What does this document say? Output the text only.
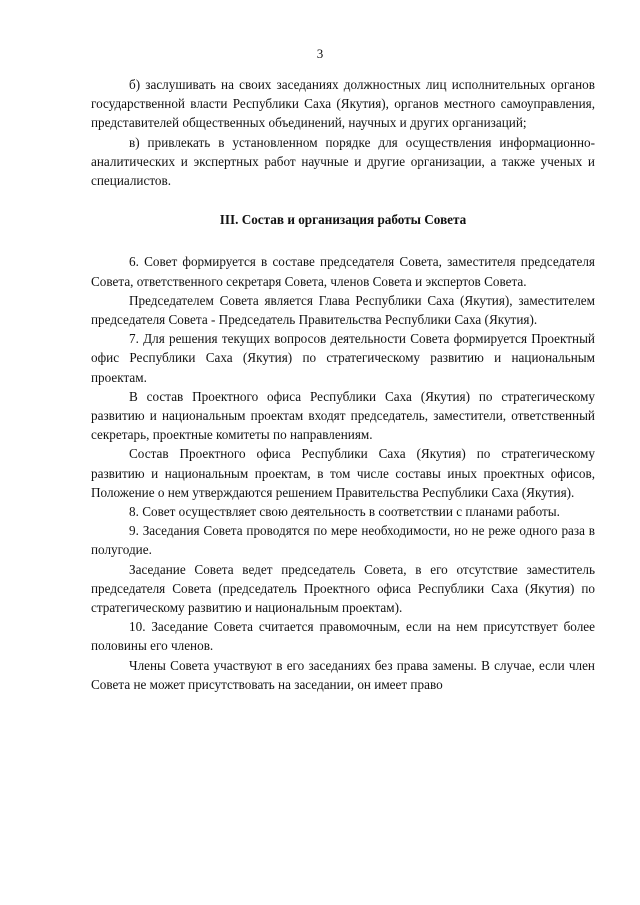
3

б) заслушивать на своих заседаниях должностных лиц исполнительных органов государственной власти Республики Саха (Якутия), органов местного самоуправления, представителей общественных объединений, научных и других организаций;

в) привлекать в установленном порядке для осуществления информационно-аналитических и экспертных работ научные и другие организации, а также ученых и специалистов.

III. Состав и организация работы Совета

6. Совет формируется в составе председателя Совета, заместителя председателя Совета, ответственного секретаря Совета, членов Совета и экспертов Совета.

Председателем Совета является Глава Республики Саха (Якутия), заместителем председателя Совета - Председатель Правительства Республики Саха (Якутия).

7. Для решения текущих вопросов деятельности Совета формируется Проектный офис Республики Саха (Якутия) по стратегическому развитию и национальным проектам.

В состав Проектного офиса Республики Саха (Якутия) по стратегическому развитию и национальным проектам входят председатель, заместители, ответственный секретарь, проектные комитеты по направлениям.

Состав Проектного офиса Республики Саха (Якутия) по стратегическому развитию и национальным проектам, в том числе составы иных проектных офисов, Положение о нем утверждаются решением Правительства Республики Саха (Якутия).

8. Совет осуществляет свою деятельность в соответствии с планами работы.

9. Заседания Совета проводятся по мере необходимости, но не реже одного раза в полугодие.

Заседание Совета ведет председатель Совета, в его отсутствие заместитель председателя Совета (председатель Проектного офиса Республики Саха (Якутия) по стратегическому развитию и национальным проектам).

10. Заседание Совета считается правомочным, если на нем присутствует более половины его членов.

Члены Совета участвуют в его заседаниях без права замены. В случае, если член Совета не может присутствовать на заседании, он имеет право
